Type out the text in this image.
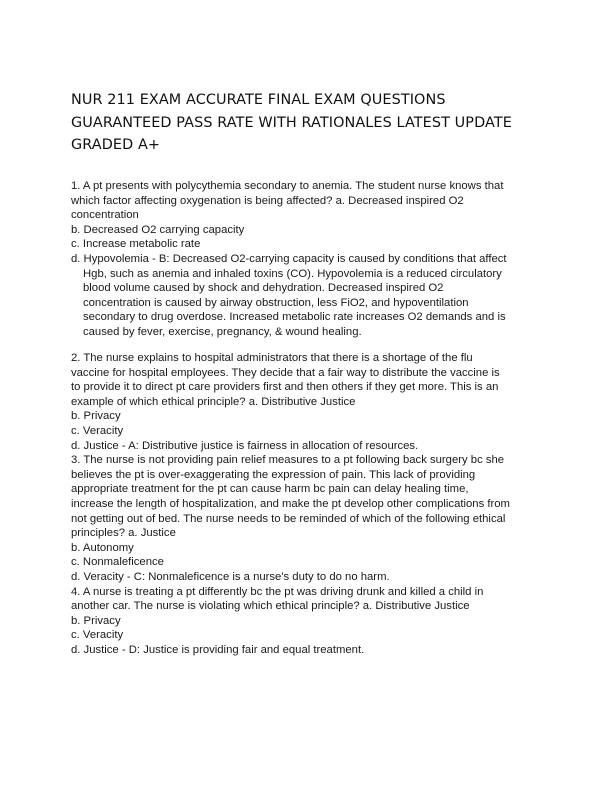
NUR 211 EXAM ACCURATE FINAL EXAM QUESTIONS
GUARANTEED PASS RATE WITH RATIONALES LATEST UPDATE
GRADED A+
1. A pt presents with polycythemia secondary to anemia. The student nurse knows that
which factor affecting oxygenation is being affected? a. Decreased inspired O2
concentration
b. Decreased O2 carrying capacity
c. Increase metabolic rate
d. Hypovolemia - B: Decreased O2-carrying capacity is caused by conditions that affect
Hgb, such as anemia and inhaled toxins (CO). Hypovolemia is a reduced circulatory
blood volume caused by shock and dehydration. Decreased inspired O2
concentration is caused by airway obstruction, less FiO2, and hypoventilation
secondary to drug overdose. Increased metabolic rate increases O2 demands and is
caused by fever, exercise, pregnancy, & wound healing.
2. The nurse explains to hospital administrators that there is a shortage of the flu
vaccine for hospital employees. They decide that a fair way to distribute the vaccine is
to provide it to direct pt care providers first and then others if they get more. This is an
example of which ethical principle? a. Distributive Justice
b. Privacy
c. Veracity
d. Justice - A: Distributive justice is fairness in allocation of resources.
3. The nurse is not providing pain relief measures to a pt following back surgery bc she
believes the pt is over-exaggerating the expression of pain. This lack of providing
appropriate treatment for the pt can cause harm bc pain can delay healing time,
increase the length of hospitalization, and make the pt develop other complications from
not getting out of bed. The nurse needs to be reminded of which of the following ethical
principles? a. Justice
b. Autonomy
c. Nonmaleficence
d. Veracity - C: Nonmaleficence is a nurse's duty to do no harm.
4. A nurse is treating a pt differently bc the pt was driving drunk and killed a child in
another car. The nurse is violating which ethical principle? a. Distributive Justice
b. Privacy
c. Veracity
d. Justice - D: Justice is providing fair and equal treatment.
